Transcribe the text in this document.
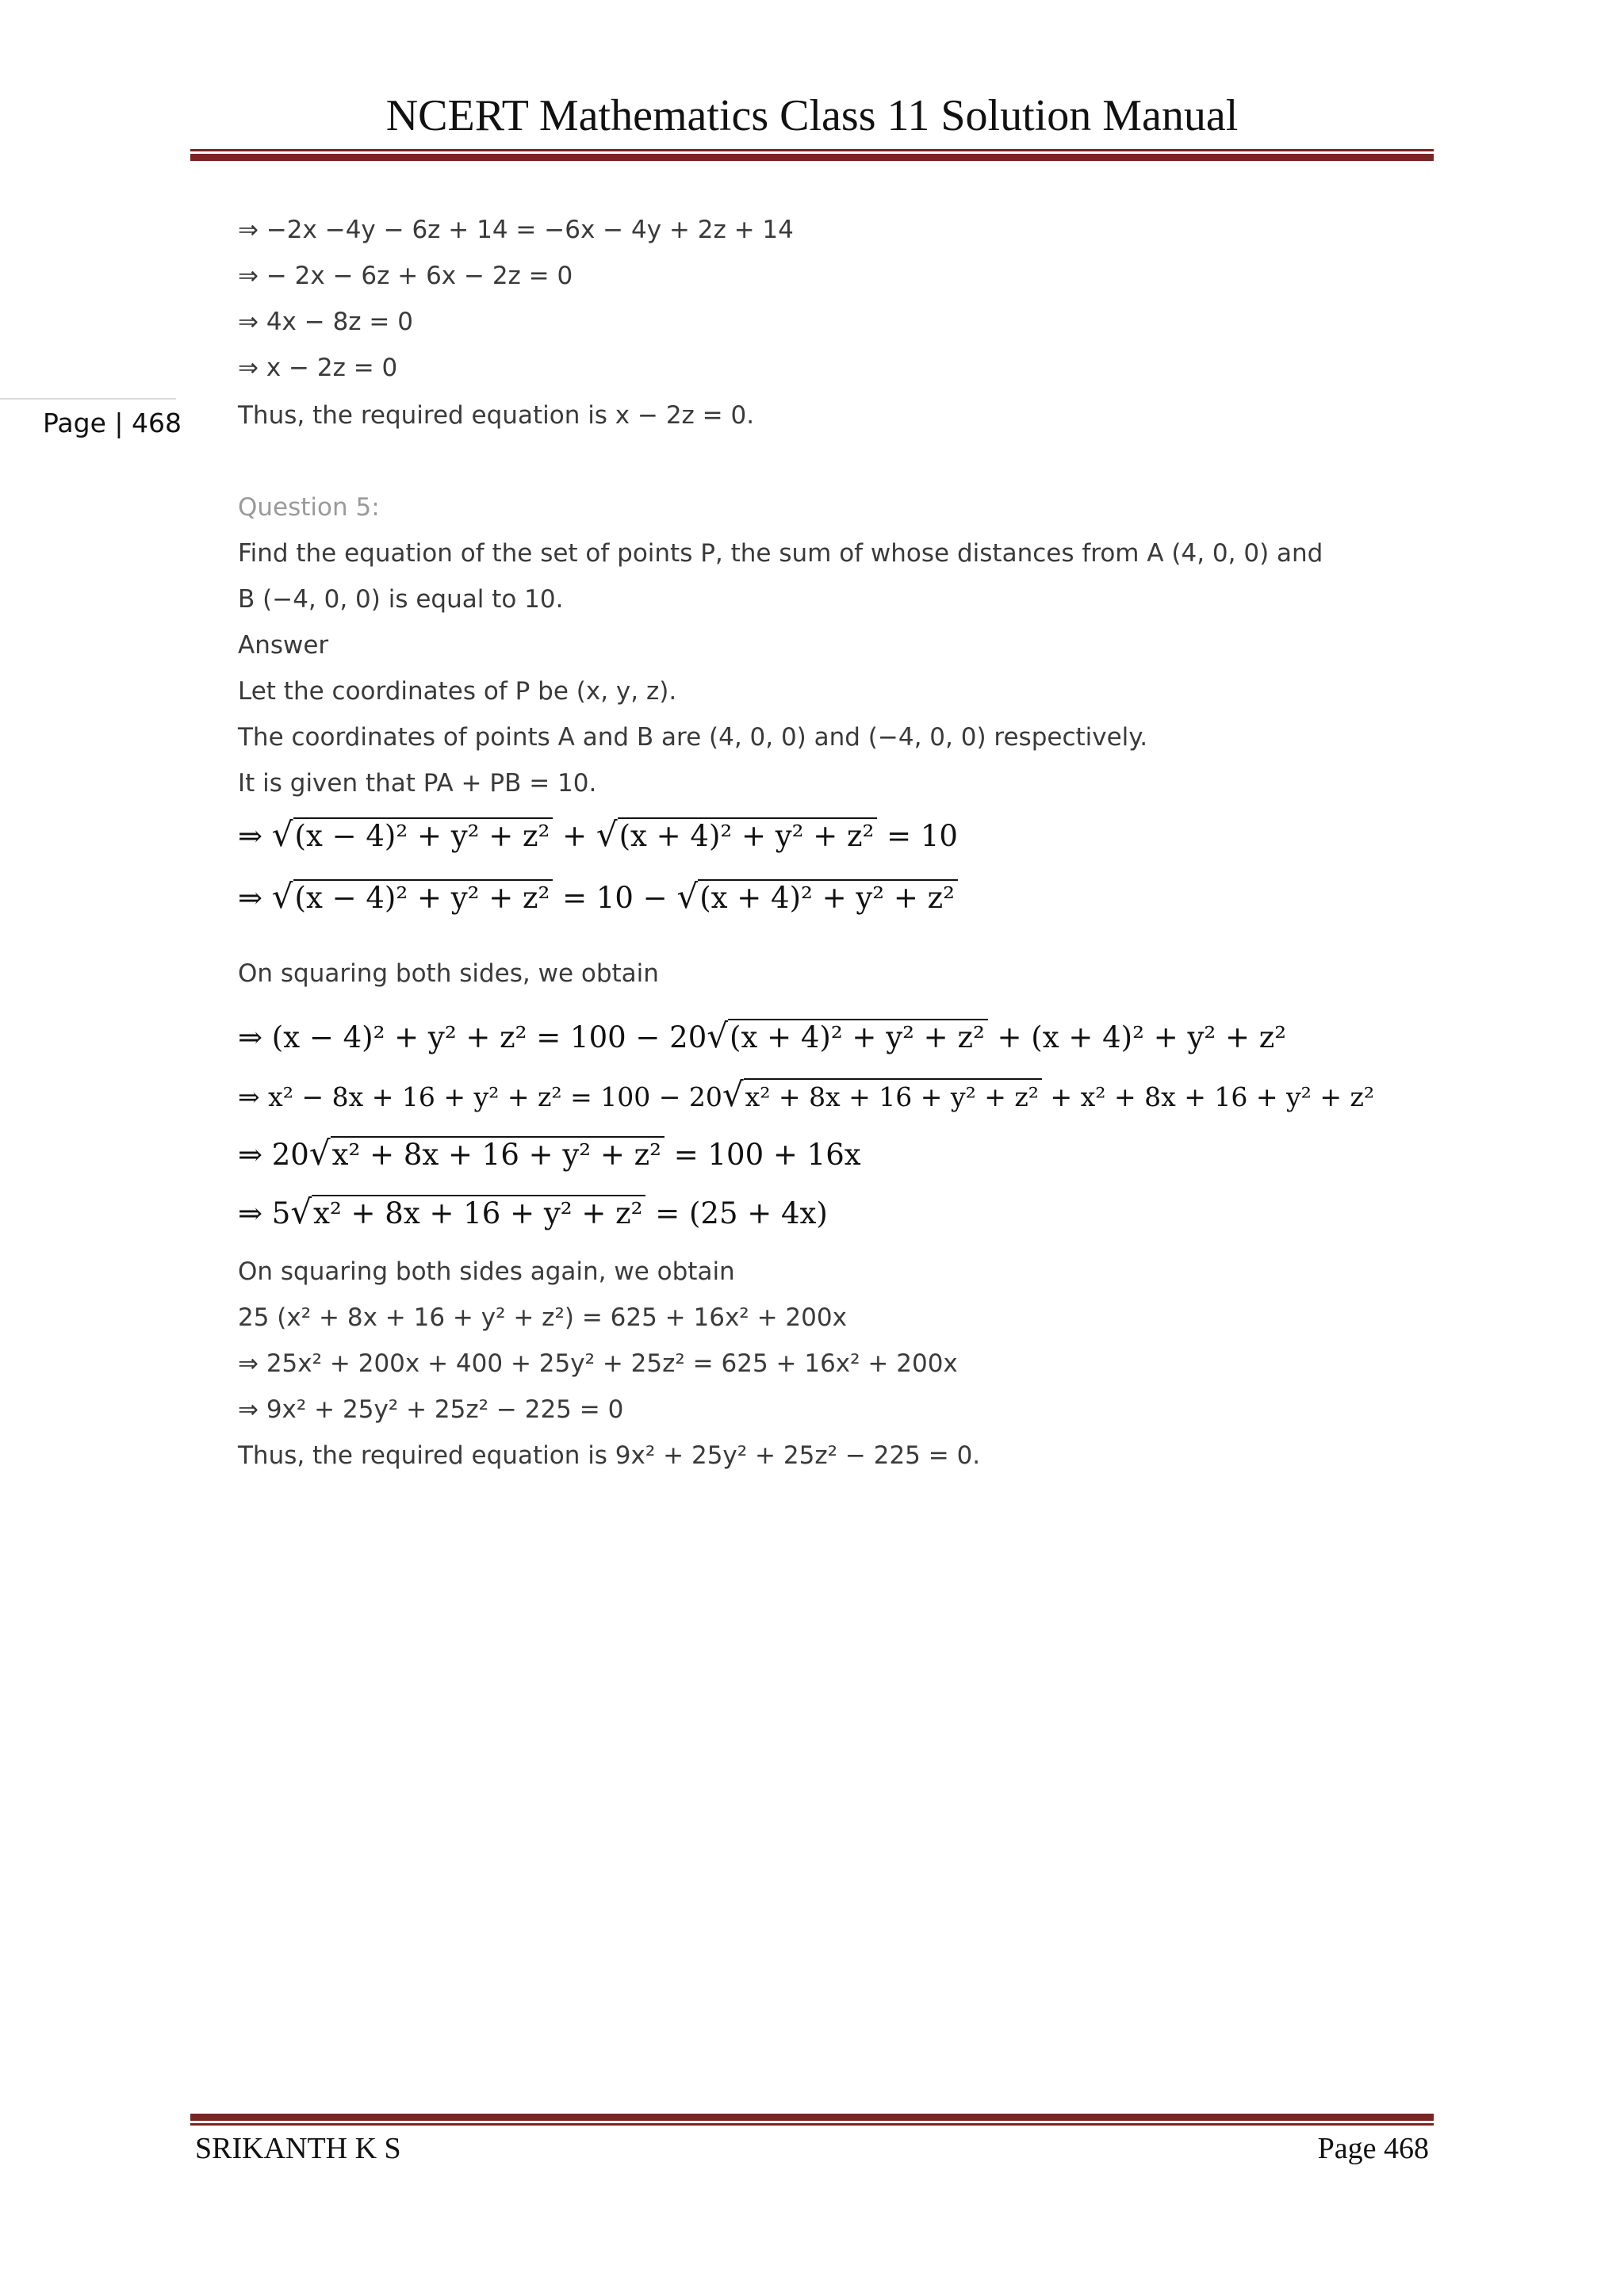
NCERT Mathematics Class 11 Solution Manual
Page | 468
⇒ −2x −4y − 6z + 14 = −6x − 4y + 2z + 14
⇒ − 2x − 6z + 6x − 2z = 0
⇒ 4x − 8z = 0
⇒ x − 2z = 0
Thus, the required equation is x − 2z = 0.
Question 5:
Find the equation of the set of points P, the sum of whose distances from A (4, 0, 0) and
B (−4, 0, 0) is equal to 10.
Answer
Let the coordinates of P be (x, y, z).
The coordinates of points A and B are (4, 0, 0) and (−4, 0, 0) respectively.
It is given that PA + PB = 10.
⇒ √(x − 4)² + y² + z² + √(x + 4)² + y² + z² = 10
⇒ √(x − 4)² + y² + z² = 10 − √(x + 4)² + y² + z²
On squaring both sides, we obtain
⇒ (x − 4)² + y² + z² = 100 − 20√(x + 4)² + y² + z² + (x + 4)² + y² + z²
⇒ x² − 8x + 16 + y² + z² = 100 − 20√x² + 8x + 16 + y² + z² + x² + 8x + 16 + y² + z²
⇒ 20√x² + 8x + 16 + y² + z² = 100 + 16x
⇒ 5√x² + 8x + 16 + y² + z² = (25 + 4x)
On squaring both sides again, we obtain
25 (x² + 8x + 16 + y² + z²) = 625 + 16x² + 200x
⇒ 25x² + 200x + 400 + 25y² + 25z² = 625 + 16x² + 200x
⇒ 9x² + 25y² + 25z² − 225 = 0
Thus, the required equation is 9x² + 25y² + 25z² − 225 = 0.
SRIKANTH K S	Page 468
